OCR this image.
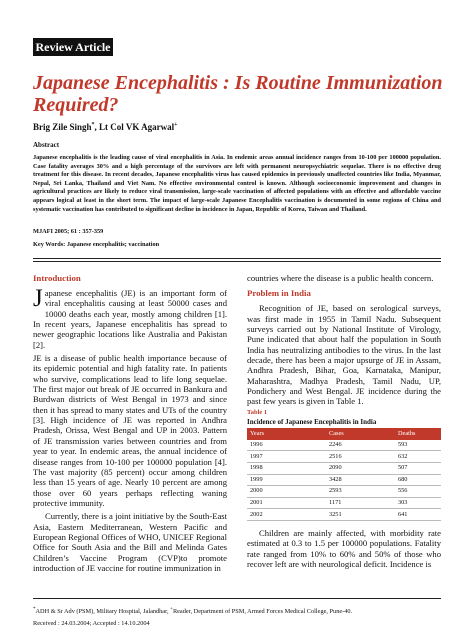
Review Article
Japanese Encephalitis : Is Routine Immunization Required?
Brig Zile Singh*, Lt Col VK Agarwal+
Abstract
Japanese encephalitis is the leading cause of viral encephalitis in Asia. In endemic areas annual incidence ranges from 10-100 per 100000 population. Case fatality averages 30% and a high percentage of the survivors are left with permanent neuropsychiatric sequelae. There is no effective drug treatment for this disease. In recent decades, Japanese encephalitis virus has caused epidemics in previously unaffected countries like India, Myanmar, Nepal, Sri Lanka, Thailand and Viet Nam. No effective environmental control is known. Although socioeconomic improvement and changes in agricultural practices are likely to reduce viral transmission, large-scale vaccination of affected populations with an effective and affordable vaccine appears logical at least in the short term. The impact of large-scale Japanese Encephalitis vaccination is documented in some regions of China and systematic vaccination has contributed to significant decline in incidence in Japan, Republic of Korea, Taiwan and Thailand.
MJAFI 2005; 61 : 357-359
Key Words: Japanese encephalitis; vaccination
Introduction

Japanese encephalitis (JE) is an important form of viral encephalitis causing at least 50000 cases and 10000 deaths each year, mostly among children [1]. In recent years, Japanese encephalitis has spread to newer geographic locations like Australia and Pakistan [2].

JE is a disease of public health importance because of its epidemic potential and high fatality rate. In patients who survive, complications lead to life long sequelae. The first major out break of JE occurred in Bankura and Burdwan districts of West Bengal in 1973 and since then it has spread to many states and UTs of the country [3]. High incidence of JE was reported in Andhra Pradesh, Orissa, West Bengal and UP in 2003. Pattern of JE transmission varies between countries and from year to year. In endemic areas, the annual incidence of disease ranges from 10-100 per 100000 population [4]. The vast majority (85 percent) occur among children less than 15 years of age. Nearly 10 percent are among those over 60 years perhaps reflecting waning protective immunity.

Currently, there is a joint initiative by the South-East Asia, Eastern Mediterranean, Western Pacific and European Regional Offices of WHO, UNICEF Regional Office for South Asia and the Bill and Melinda Gates Children’s Vaccine Program (CVP)to promote introduction of JE vaccine for routine immunization in

countries where the disease is a public health concern.

Problem in India

Recognition of JE, based on serological surveys, was first made in 1955 in Tamil Nadu. Subsequent surveys carried out by National Institute of Virology, Pune indicated that about half the population in South India has neutralizing antibodies to the virus. In the last decade, there has been a major upsurge of JE in Assam, Andhra Pradesh, Bihar, Goa, Karnataka, Manipur, Maharashtra, Madhya Pradesh, Tamil Nadu, UP, Pondichery and West Bengal. JE incidence during the past few years is given in Table 1.

Table 1
Incidence of Japanese Encephalitis in India
Years	Cases	Deaths
1996	2246	593
1997	2516	632
1998	2090	507
1999	3428	680
2000	2593	556
2001	1171	303
2002	3251	641

Children are mainly affected, with morbidity rate estimated at 0.3 to 1.5 per 100000 populations. Fatality rate ranged from 10% to 60% and 50% of those who recover left are with neurological deficit. Incidence is

*ADH & Sr Adv (PSM), Military Hospital, Jalandhar, +Reader, Department of PSM, Armed Forces Medical College, Pune-40.
Received : 24.03.2004; Accepted : 14.10.2004
